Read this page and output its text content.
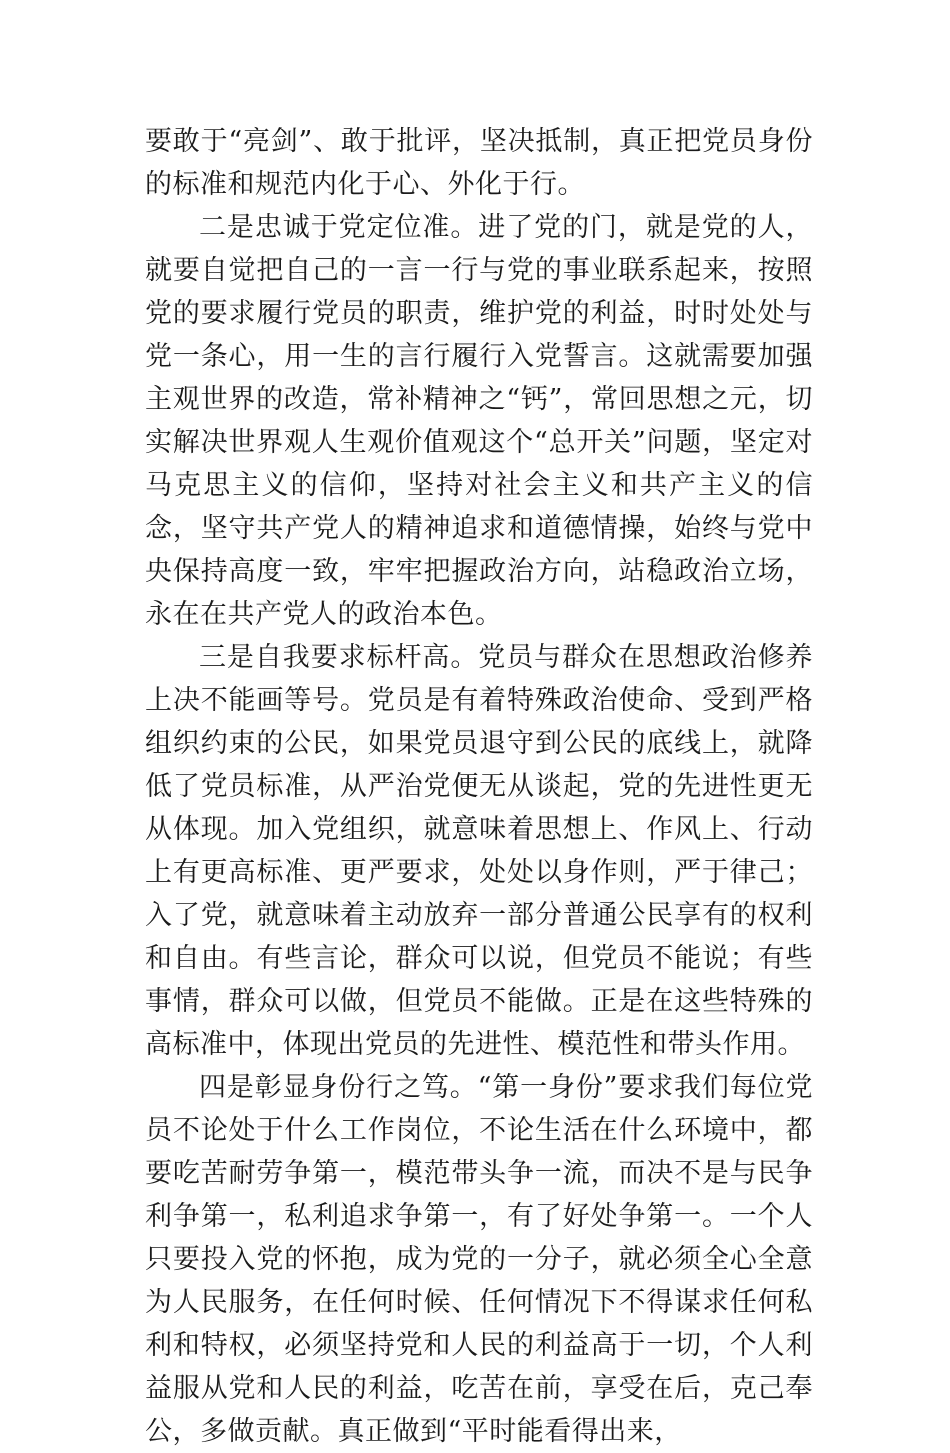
要敢于“亮剑”、敢于批评，坚决抵制，真正把党员身份的标准和规范内化于心、外化于行。

二是忠诚于党定位准。进了党的门，就是党的人，就要自觉把自己的一言一行与党的事业联系起来，按照党的要求履行党员的职责，维护党的利益，时时处处与党一条心，用一生的言行履行入党誓言。这就需要加强主观世界的改造，常补精神之“钙”，常回思想之元，切实解决世界观人生观价值观这个“总开关”问题，坚定对马克思主义的信仰，坚持对社会主义和共产主义的信念，坚守共产党人的精神追求和道德情操，始终与党中央保持高度一致，牢牢把握政治方向，站稳政治立场，永在在共产党人的政治本色。

三是自我要求标杆高。党员与群众在思想政治修养上决不能画等号。党员是有着特殊政治使命、受到严格组织约束的公民，如果党员退守到公民的底线上，就降低了党员标准，从严治党便无从谈起，党的先进性更无从体现。加入党组织，就意味着思想上、作风上、行动上有更高标准、更严要求，处处以身作则，严于律己；入了党，就意味着主动放弃一部分普通公民享有的权利和自由。有些言论，群众可以说，但党员不能说；有些事情，群众可以做，但党员不能做。正是在这些特殊的高标准中，体现出党员的先进性、模范性和带头作用。

四是彰显身份行之笃。“第一身份”要求我们每位党员不论处于什么工作岗位，不论生活在什么环境中，都要吃苦耐劳争第一，模范带头争一流，而决不是与民争利争第一，私利追求争第一，有了好处争第一。一个人只要投入党的怀抱，成为党的一分子，就必须全心全意为人民服务，在任何时候、任何情况下不得谋求任何私利和特权，必须坚持党和人民的利益高于一切，个人利益服从党和人民的利益，吃苦在前，享受在后，克己奉公，多做贡献。真正做到“平时能看得出来，
